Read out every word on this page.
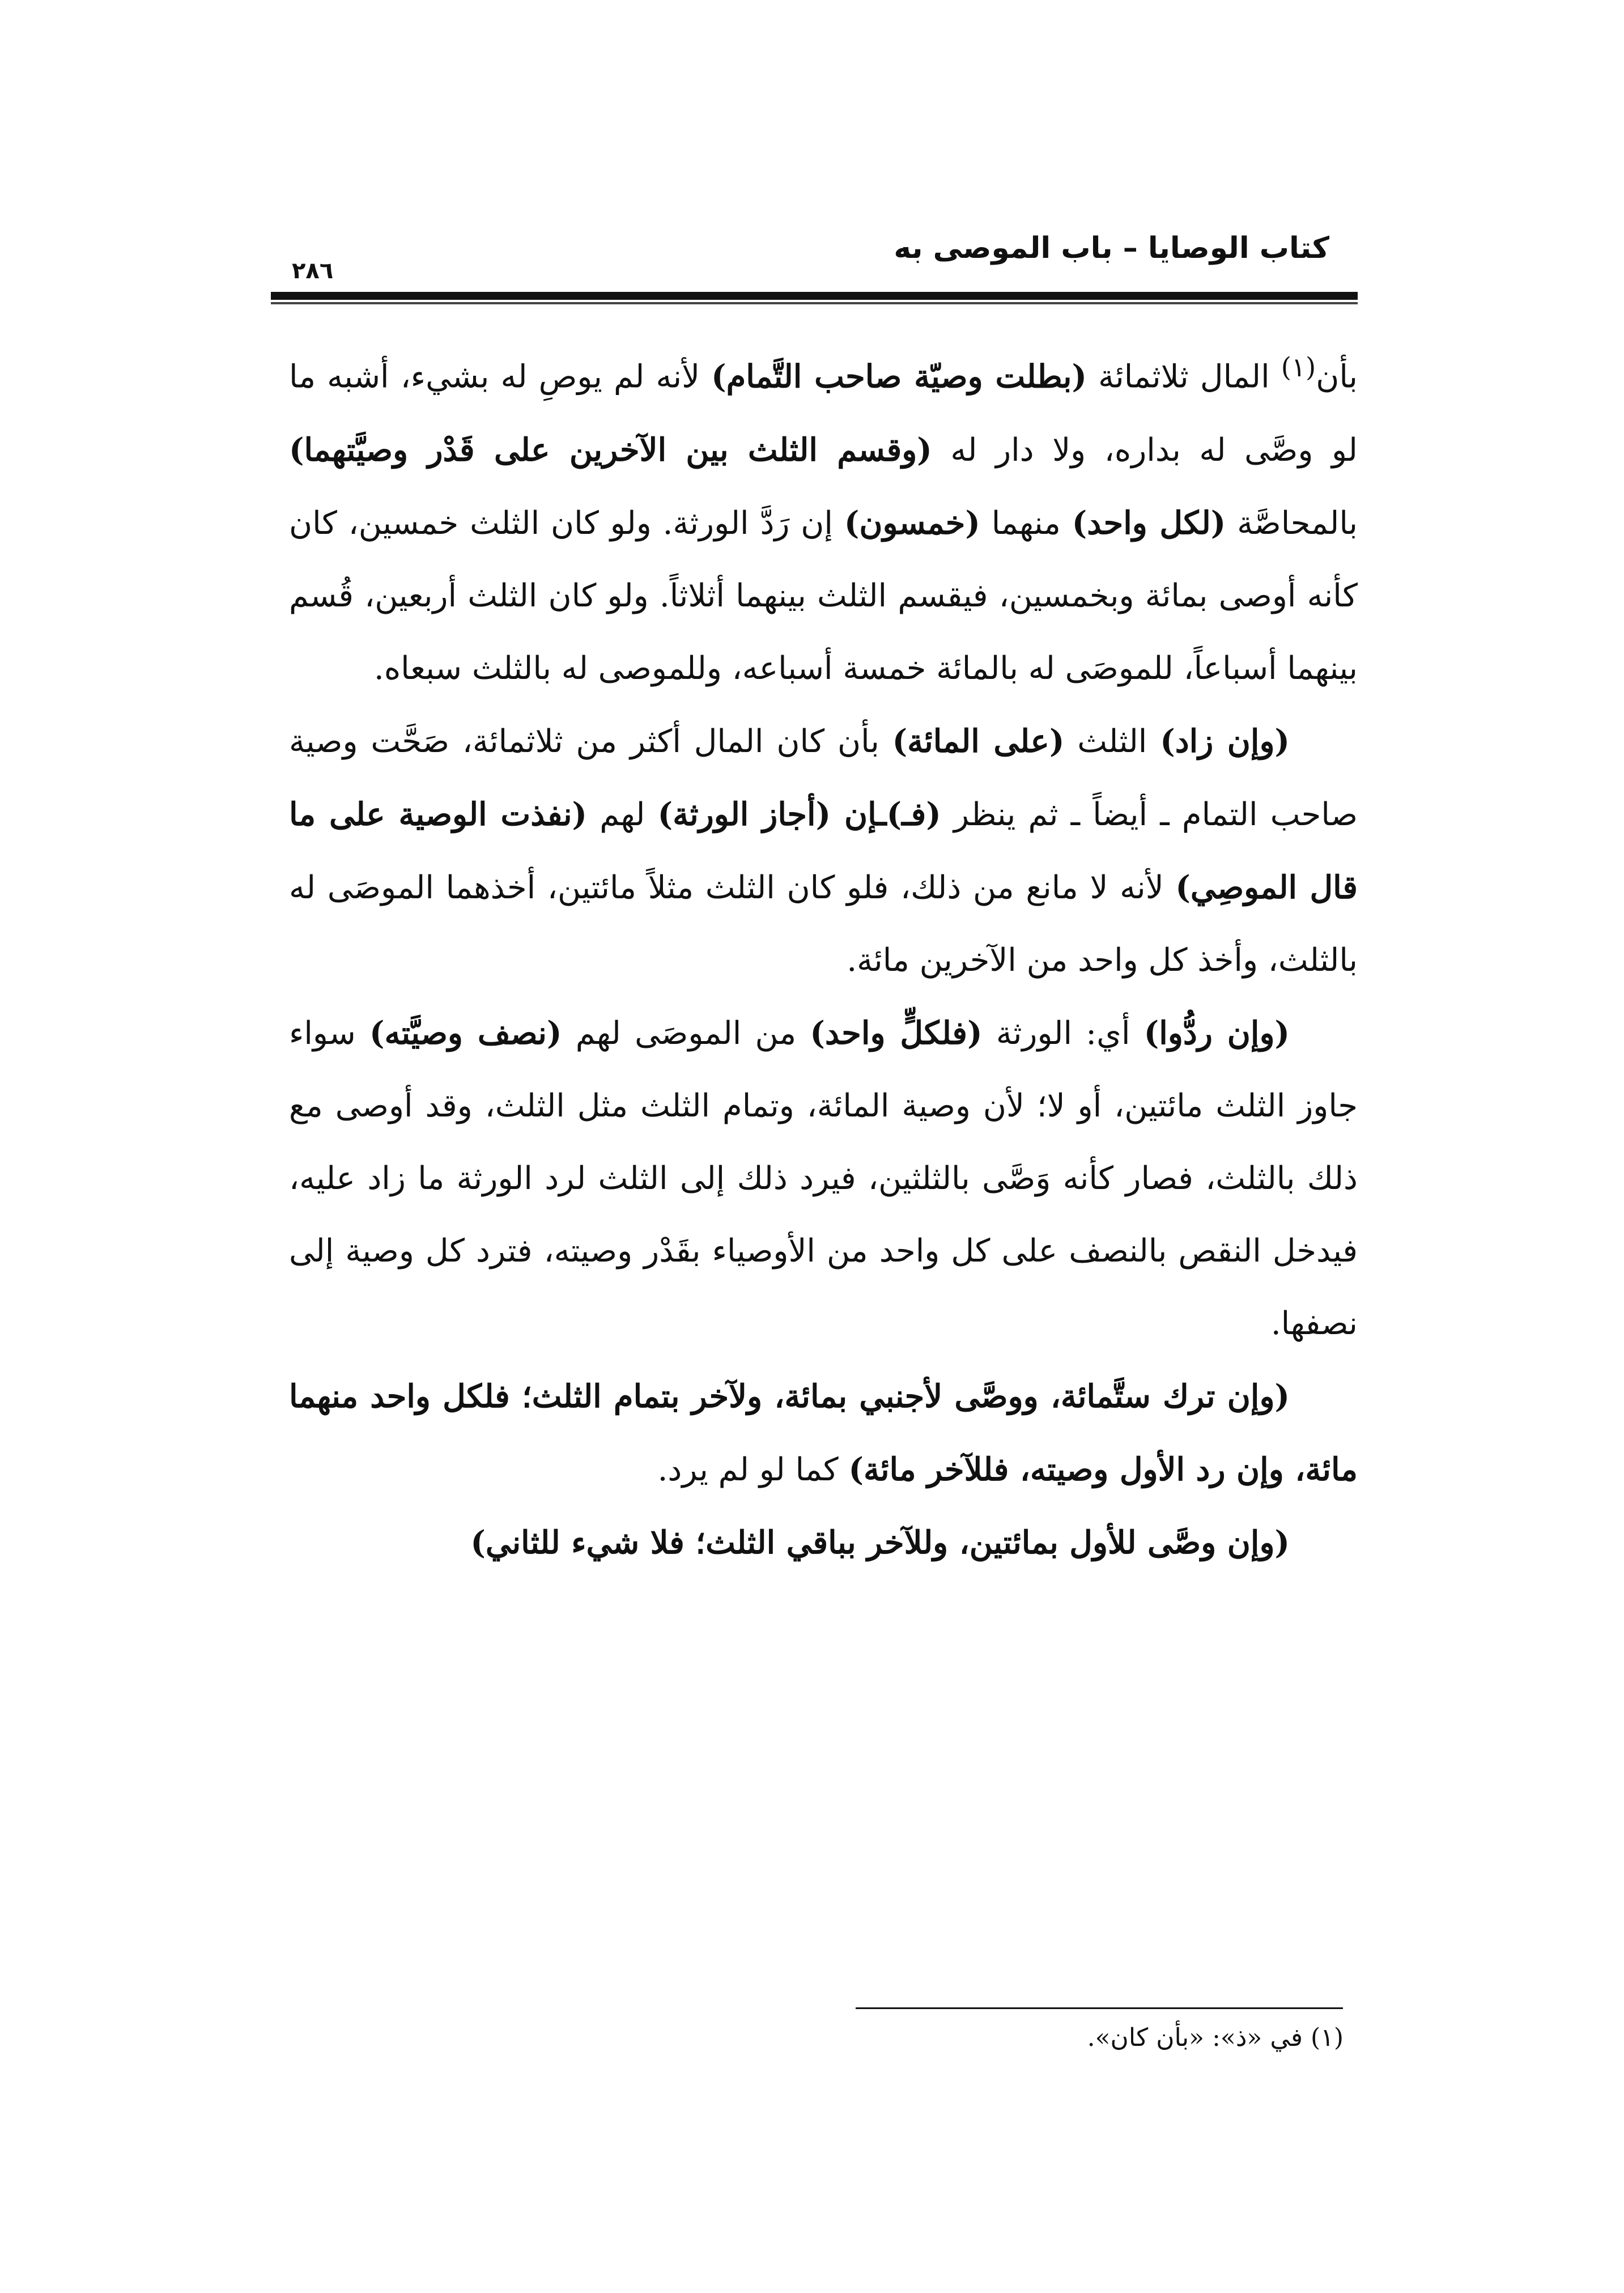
كتاب الوصايا – باب الموصى به
٢٨٦

بأن$^{(١)}$ المال ثلاثمائة (بطلت وصيّة صاحب التَّمام) لأنه لم يوصِ له بشيء، أشبه ما لو وصَّى له بداره، ولا دار له (وقسم الثلث بين الآخرين على قَدْر وصيَّتهما) بالمحاصَّة (لكل واحد) منهما (خمسون) إن رَدَّ الورثة. ولو كان الثلث خمسين، كان كأنه أوصى بمائة وبخمسين، فيقسم الثلث بينهما أثلاثاً. ولو كان الثلث أربعين، قُسم بينهما أسباعاً، للموصَى له بالمائة خمسة أسباعه، وللموصى له بالثلث سبعاه.

(وإن زاد) الثلث (على المائة) بأن كان المال أكثر من ثلاثمائة، صَحَّت وصية صاحب التمام ـ أيضاً ـ ثم ينظر (فـ)ـإن (أجاز الورثة) لهم (نفذت الوصية على ما قال الموصِي) لأنه لا مانع من ذلك، فلو كان الثلث مثلاً مائتين، أخذهما الموصَى له بالثلث، وأخذ كل واحد من الآخرين مائة.

(وإن ردُّوا) أي: الورثة (فلكلٍّ واحد) من الموصَى لهم (نصف وصيَّته) سواء جاوز الثلث مائتين، أو لا؛ لأن وصية المائة، وتمام الثلث مثل الثلث، وقد أوصى مع ذلك بالثلث، فصار كأنه وَصَّى بالثلثين، فيرد ذلك إلى الثلث لرد الورثة ما زاد عليه، فيدخل النقص بالنصف على كل واحد من الأوصياء بقَدْر وصيته، فترد كل وصية إلى نصفها.

(وإن ترك ستَّمائة، ووصَّى لأجنبي بمائة، ولآخر بتمام الثلث؛ فلكل واحد منهما مائة، وإن رد الأول وصيته، فللآخر مائة) كما لو لم يرد.

(وإن وصَّى للأول بمائتين، وللآخر بباقي الثلث؛ فلا شيء للثاني)

(١) في «ذ»: «بأن كان».
